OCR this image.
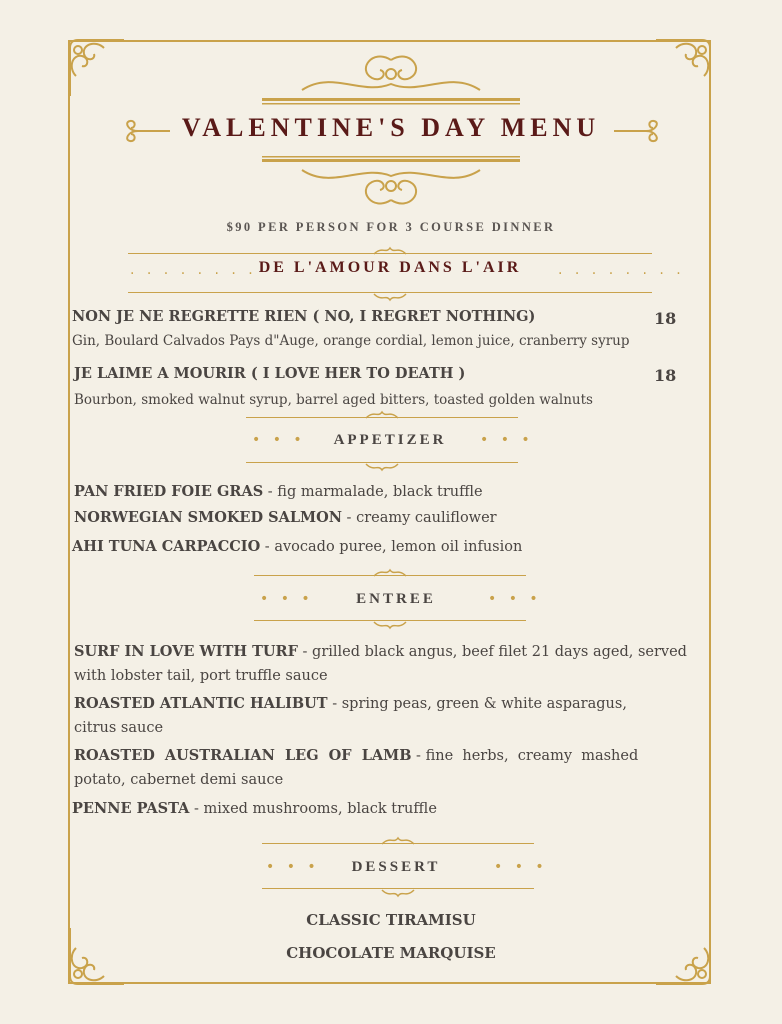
VALENTINE'S DAY MENU
$90 PER PERSON FOR 3 COURSE DINNER
. . . . . . . . DE L'AMOUR DANS L'AIR	. . . . . . . .
NON JE NE REGRETTE RIEN ( NO, I REGRET NOTHING)	18
Gin, Boulard Calvados Pays d"Auge, orange cordial, lemon juice, cranberry syrup
JE LAIME A MOURIR ( I LOVE HER TO DEATH )	18
Bourbon, smoked walnut syrup, barrel aged bitters, toasted golden walnuts
• • •	APPETIZER	• • •
PAN FRIED FOIE GRAS - fig marmalade, black truffle
NORWEGIAN SMOKED SALMON - creamy cauliflower
AHI TUNA CARPACCIO - avocado puree, lemon oil infusion
• • •	ENTREE	• • •
SURF IN LOVE WITH TURF - grilled black angus, beef filet 21 days aged, served
with lobster tail, port truffle sauce
ROASTED ATLANTIC HALIBUT - spring peas, green & white asparagus,
citrus sauce
ROASTED  AUSTRALIAN  LEG  OF  LAMB - fine  herbs,  creamy  mashed
potato, cabernet demi sauce
PENNE PASTA - mixed mushrooms, black truffle
• • •	DESSERT	• • •
CLASSIC TIRAMISU
CHOCOLATE MARQUISE
